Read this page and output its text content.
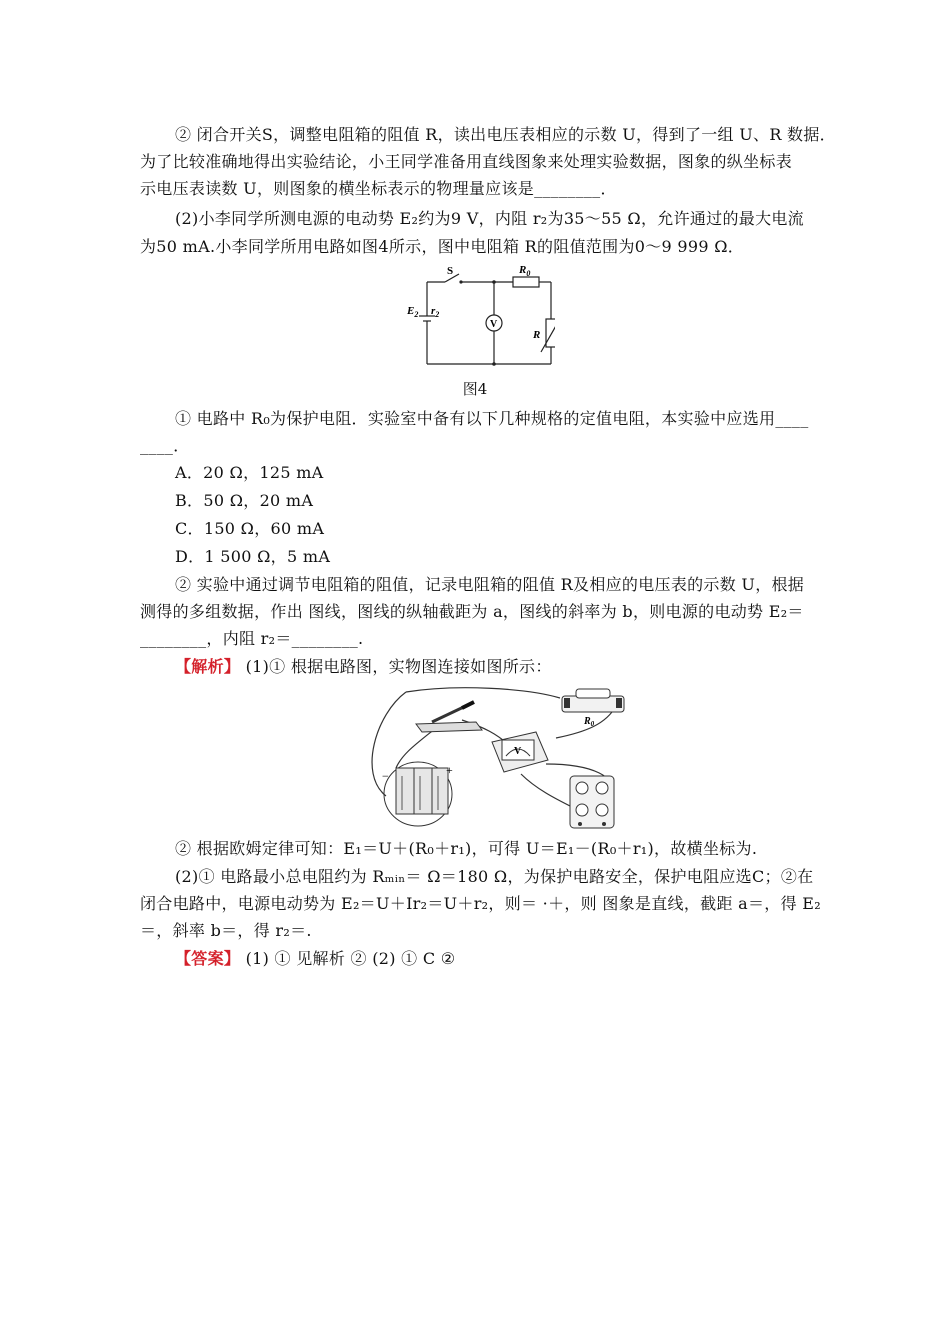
② 闭合开关S，调整电阻箱的阻值 R，读出电压表相应的示数 U，得到了一组 U、R 数据．
为了比较准确地得出实验结论，小王同学准备用直线图象来处理实验数据，图象的纵坐标表
示电压表读数 U，则图象的横坐标表示的物理量应该是________．
(2)小李同学所测电源的电动势 E₂约为9 V，内阻 r₂为35～55 Ω，允许通过的最大电流
为50 mA.小李同学所用电路如图4所示，图中电阻箱 R的阻值范围为0～9 999 Ω．
S	$R_0$
$E_2$ $r_2$
V
R
图4
① 电路中 R₀为保护电阻．实验室中备有以下几种规格的定值电阻，本实验中应选用____
____．
A．20 Ω，125 mA
B．50 Ω，20 mA
C．150 Ω，60 mA
D．1 500 Ω，5 mA
② 实验中通过调节电阻箱的阻值，记录电阻箱的阻值 R及相应的电压表的示数 U，根据
测得的多组数据，作出 图线，图线的纵轴截距为 a，图线的斜率为 b，则电源的电动势 E₂＝
________，内阻 r₂＝________.
【解析】 (1)① 根据电路图，实物图连接如图所示：
$R_0$
V
−	+
② 根据欧姆定律可知：E₁＝U＋(R₀＋r₁)，可得 U＝E₁－(R₀＋r₁)，故横坐标为.
(2)① 电路最小总电阻约为 Rₘᵢₙ＝ Ω＝180 Ω，为保护电路安全，保护电阻应选C；②在
闭合电路中，电源电动势为 E₂＝U＋Ir₂＝U＋r₂，则＝ ·＋，则 图象是直线，截距 a＝，得 E₂
＝，斜率 b＝，得 r₂＝.
【答案】 (1) ① 见解析 ② (2) ① C ②
